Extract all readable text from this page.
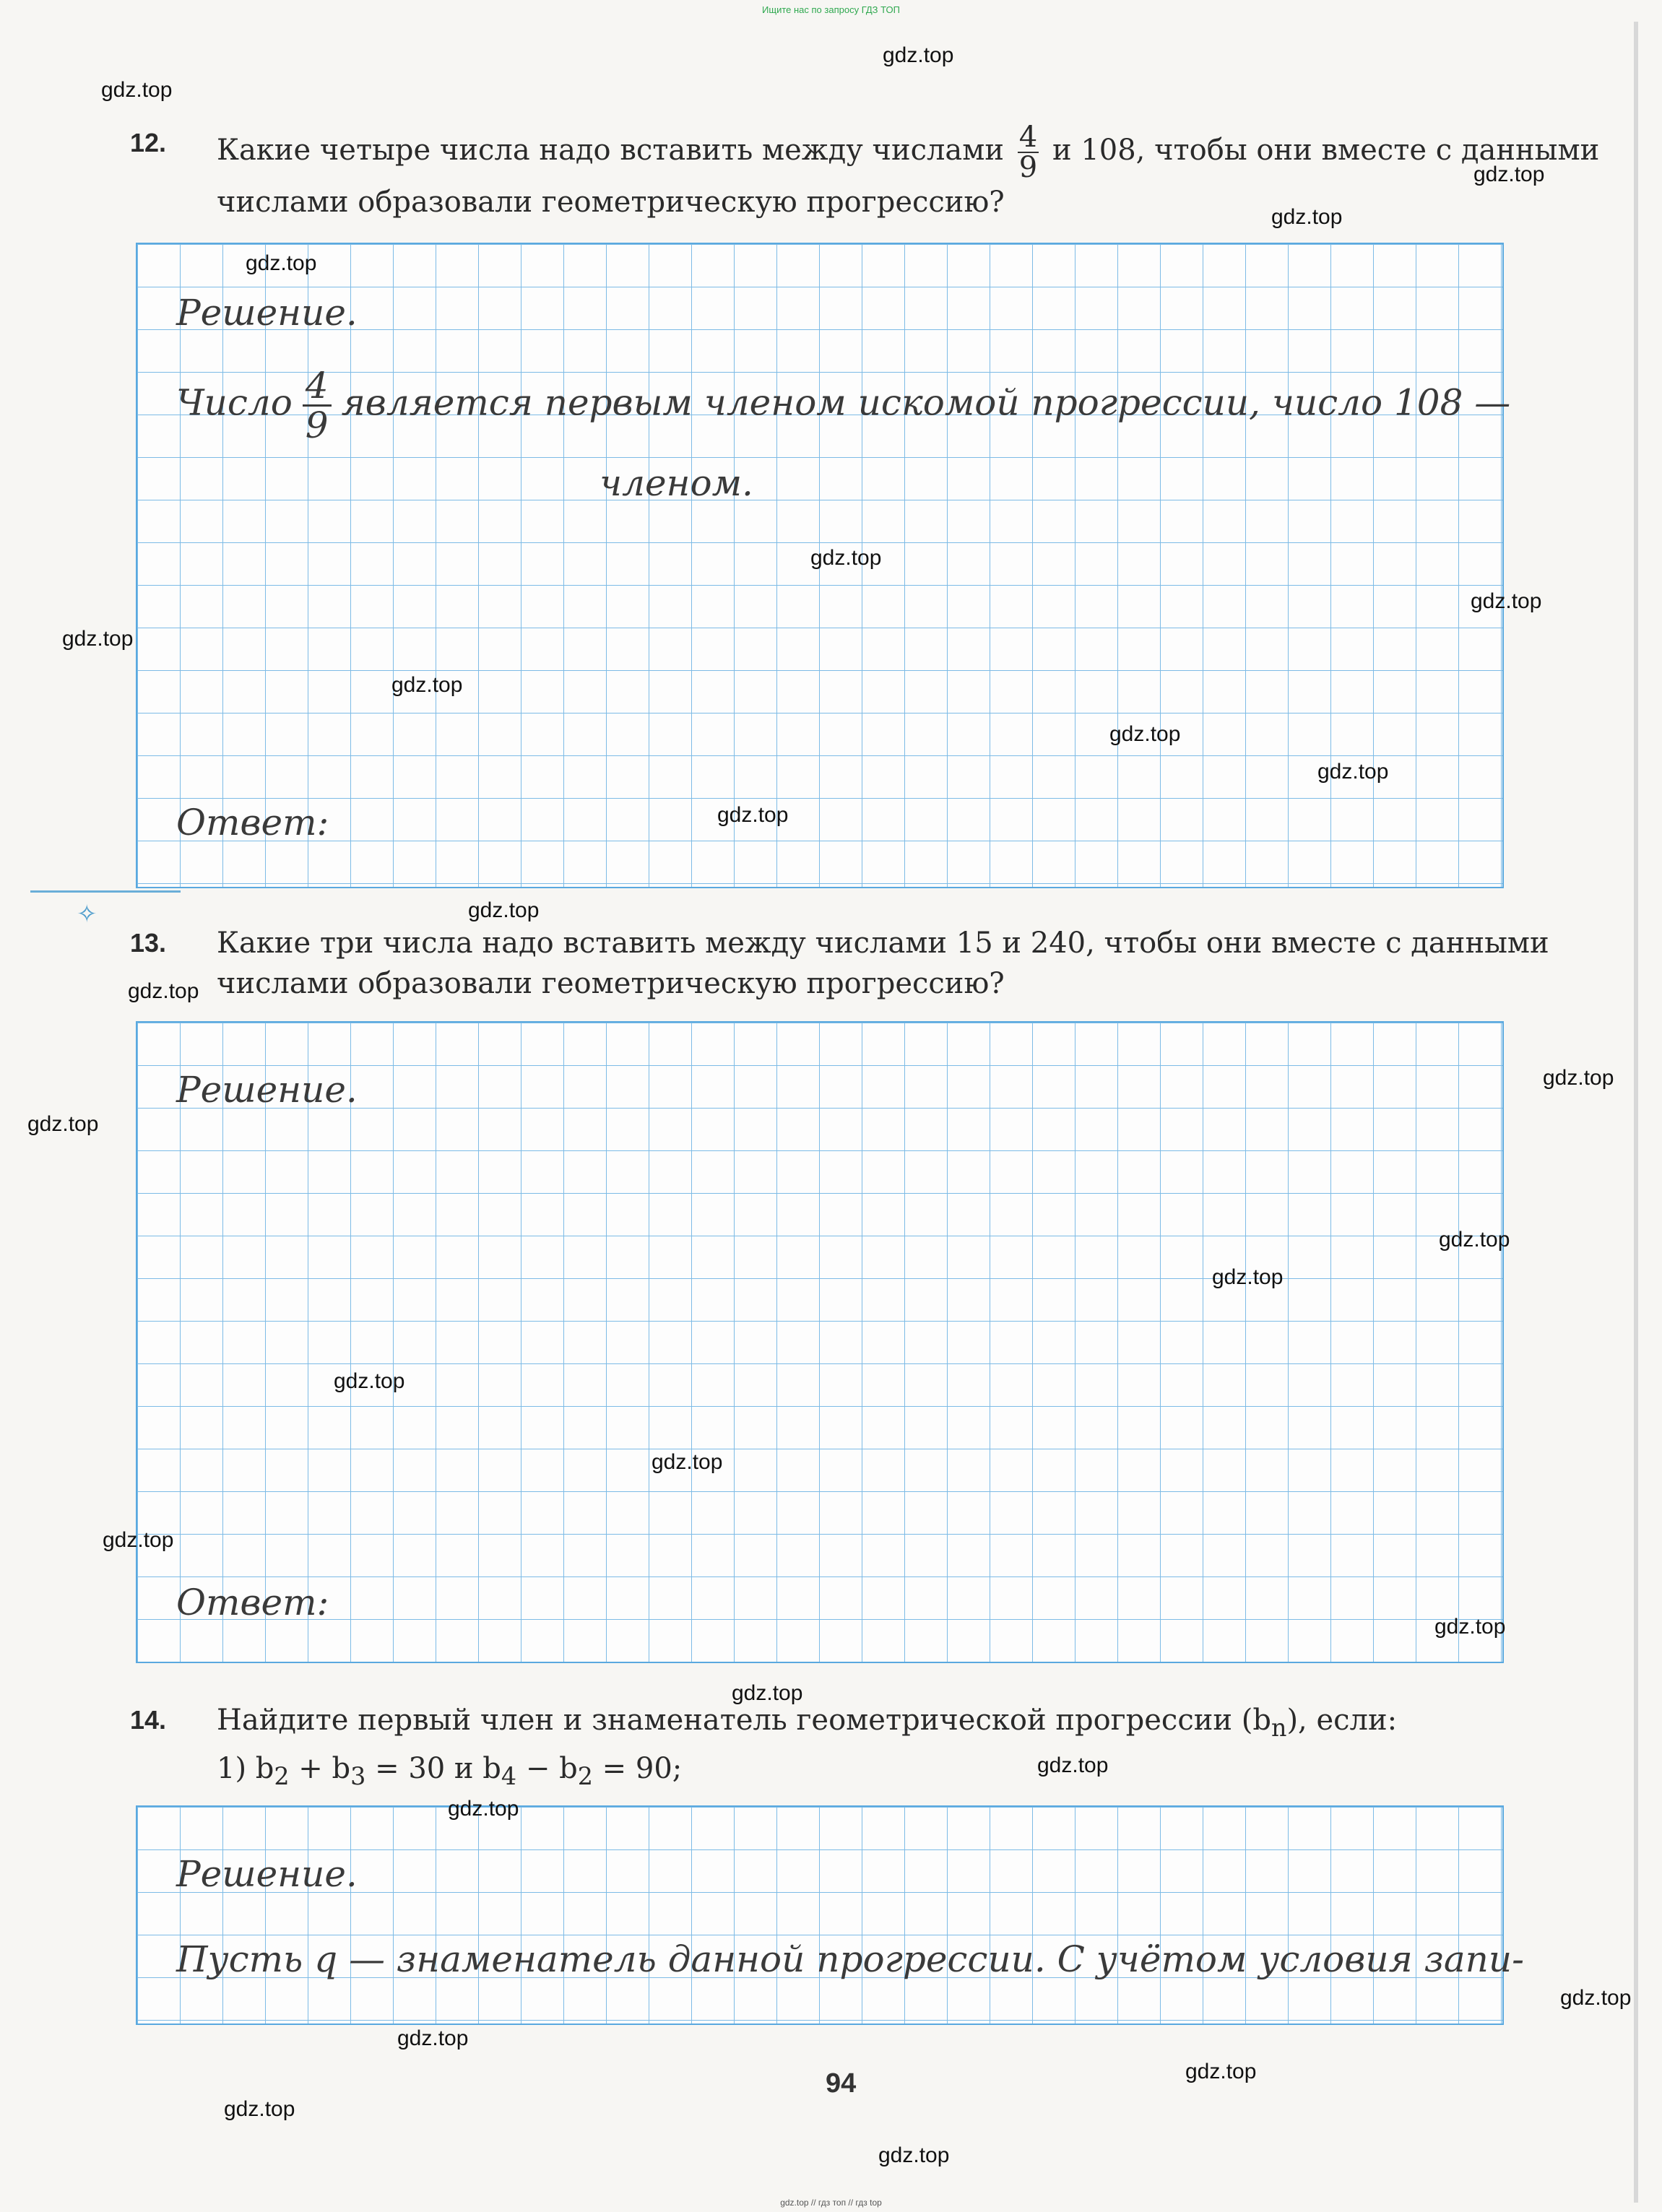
Ищите нас по запросу ГДЗ ТОП
12. Какие четыре числа надо вставить между числами $\frac{4}{9}$ и 108, чтобы они вместе с данными числами образовали геометрическую прогрессию?
Решение.
Число $\frac{4}{9}$ является первым членом искомой прогрессии, число 108 —
членом.
Ответ:
✧
13. Какие три числа надо вставить между числами 15 и 240, чтобы они вместе с данными числами образовали геометрическую прогрессию?
Решение.
Ответ:
14. Найдите первый член и знаменатель геометрической прогрессии $(b_n)$, если:
1) $b_2 + b_3 = 30$ и $b_4 - b_2 = 90$;
Решение.
Пусть q — знаменатель данной прогрессии. С учётом условия запи-
94
gdz.top // гдз топ // гдз top
gdz.top
gdz.top
gdz.top
gdz.top
gdz.top
gdz.top
gdz.top
gdz.top
gdz.top
gdz.top
gdz.top
gdz.top
gdz.top
gdz.top
gdz.top
gdz.top
gdz.top
gdz.top
gdz.top
gdz.top
gdz.top
gdz.top
gdz.top
gdz.top
gdz.top
gdz.top
gdz.top
gdz.top
gdz.top
gdz.top
